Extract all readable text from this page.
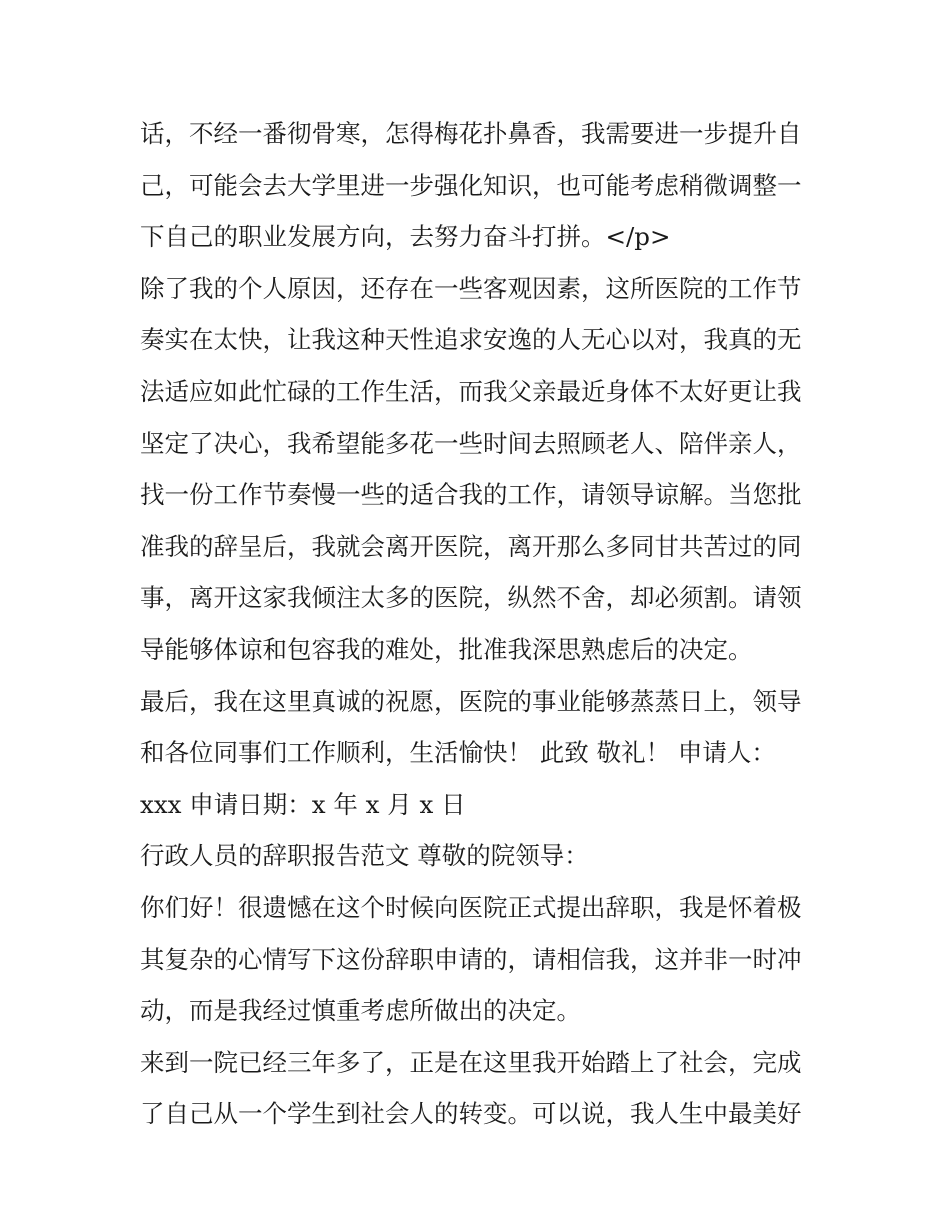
话，不经一番彻骨寒，怎得梅花扑鼻香，我需要进一步提升自
己，可能会去大学里进一步强化知识，也可能考虑稍微调整一
下自己的职业发展方向，去努力奋斗打拼。</p>
除了我的个人原因，还存在一些客观因素，这所医院的工作节
奏实在太快，让我这种天性追求安逸的人无心以对，我真的无
法适应如此忙碌的工作生活，而我父亲最近身体不太好更让我
坚定了决心，我希望能多花一些时间去照顾老人、陪伴亲人，
找一份工作节奏慢一些的适合我的工作，请领导谅解。当您批
准我的辞呈后，我就会离开医院，离开那么多同甘共苦过的同
事，离开这家我倾注太多的医院，纵然不舍，却必须割。请领
导能够体谅和包容我的难处，批准我深思熟虑后的决定。
最后，我在这里真诚的祝愿，医院的事业能够蒸蒸日上，领导
和各位同事们工作顺利，生活愉快！ 此致 敬礼！ 申请人：
xxx 申请日期：x 年 x 月 x 日
行政人员的辞职报告范文 尊敬的院领导：
你们好！很遗憾在这个时候向医院正式提出辞职，我是怀着极
其复杂的心情写下这份辞职申请的，请相信我，这并非一时冲
动，而是我经过慎重考虑所做出的决定。
来到一院已经三年多了，正是在这里我开始踏上了社会，完成
了自己从一个学生到社会人的转变。可以说，我人生中最美好
